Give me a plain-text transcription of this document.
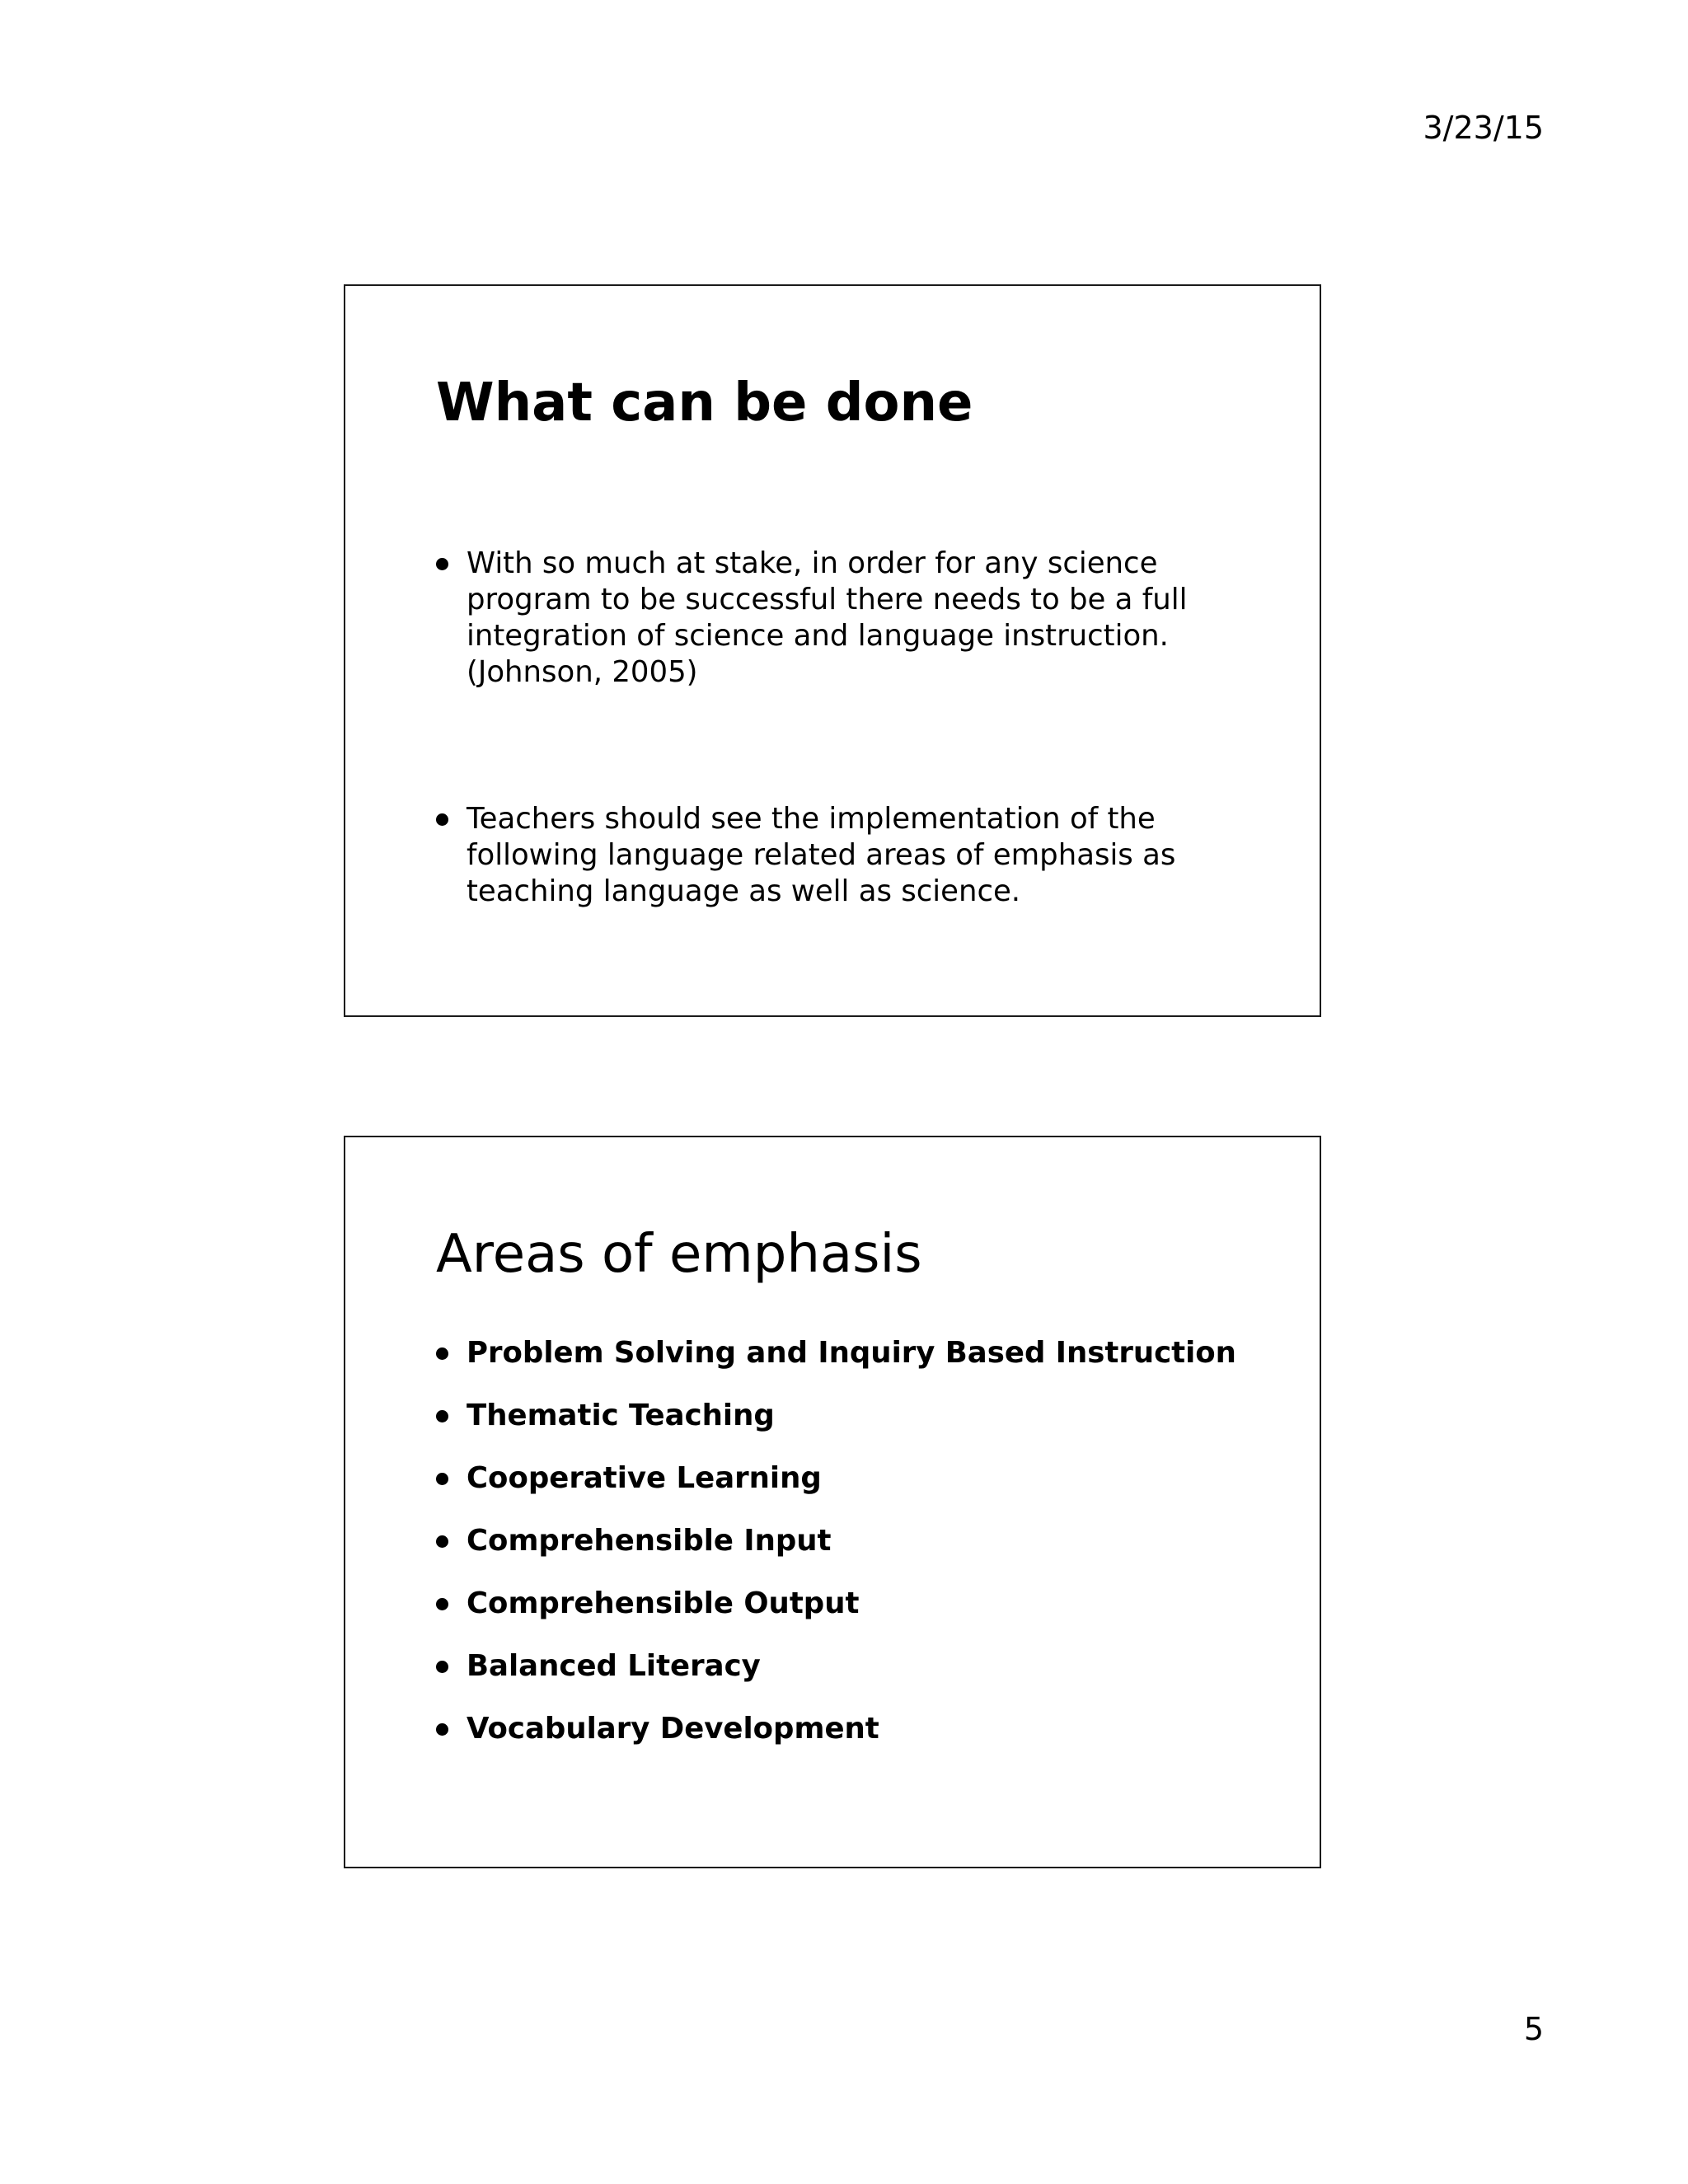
3/23/15
What can be done
With so much at stake, in order for any science program to be successful there needs to be a full integration of science and language instruction. (Johnson, 2005)
Teachers should see the implementation of the following language related areas of emphasis as teaching language as well as science.
Areas of emphasis
Problem Solving and Inquiry Based Instruction
Thematic Teaching
Cooperative Learning
Comprehensible Input
Comprehensible Output
Balanced Literacy
Vocabulary Development
5
